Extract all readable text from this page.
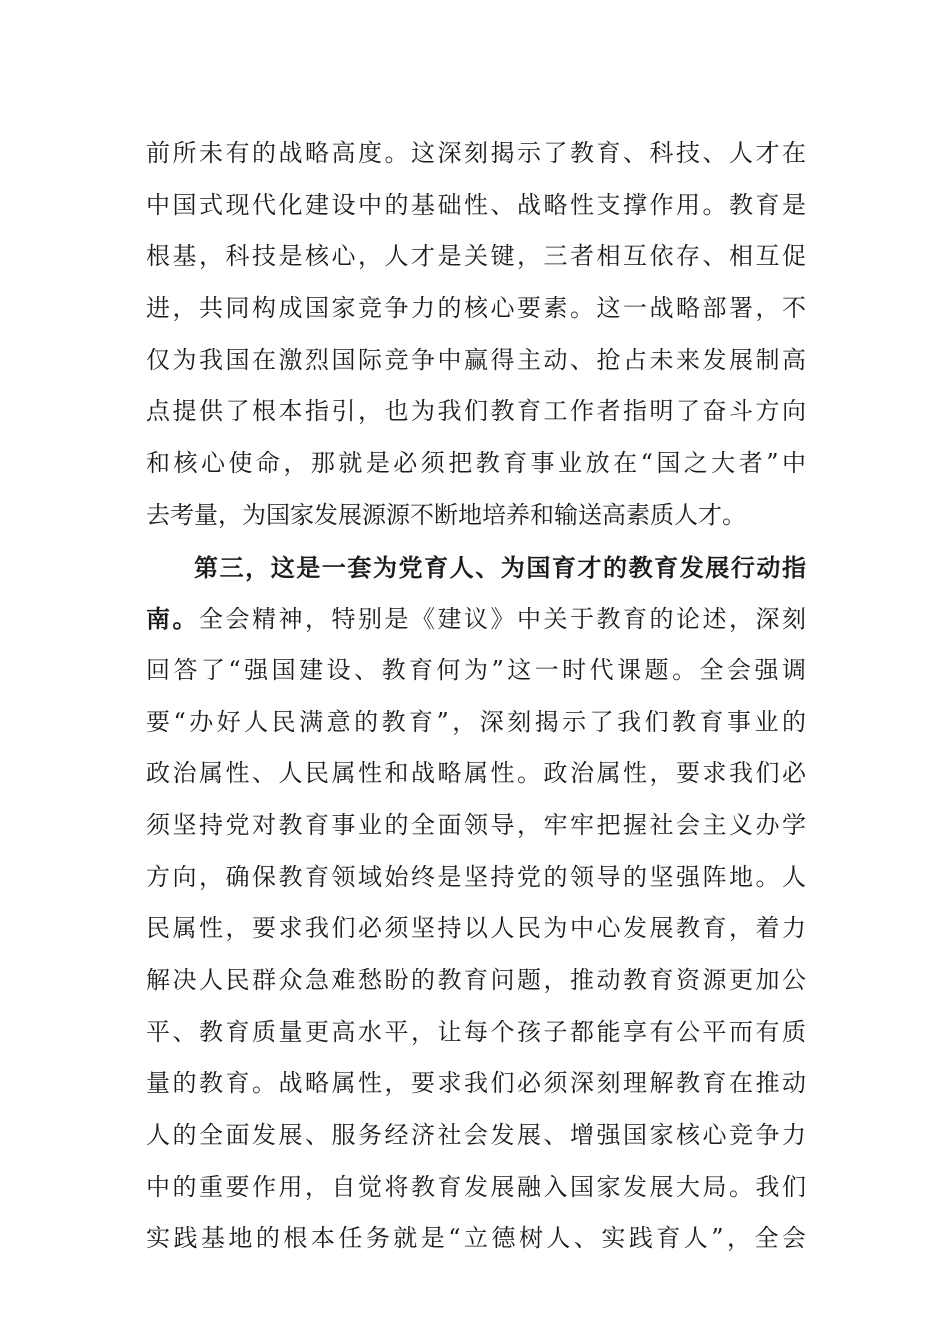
前所未有的战略高度。这深刻揭示了教育、科技、人才在
中国式现代化建设中的基础性、战略性支撑作用。教育是
根基，科技是核心，人才是关键，三者相互依存、相互促
进，共同构成国家竞争力的核心要素。这一战略部署，不
仅为我国在激烈国际竞争中赢得主动、抢占未来发展制高
点提供了根本指引，也为我们教育工作者指明了奋斗方向
和核心使命，那就是必须把教育事业放在“国之大者”中
去考量，为国家发展源源不断地培养和输送高素质人才。
第三，这是一套为党育人、为国育才的教育发展行动指
南。全会精神，特别是《建议》中关于教育的论述，深刻
回答了“强国建设、教育何为”这一时代课题。全会强调
要“办好人民满意的教育”，深刻揭示了我们教育事业的
政治属性、人民属性和战略属性。政治属性，要求我们必
须坚持党对教育事业的全面领导，牢牢把握社会主义办学
方向，确保教育领域始终是坚持党的领导的坚强阵地。人
民属性，要求我们必须坚持以人民为中心发展教育，着力
解决人民群众急难愁盼的教育问题，推动教育资源更加公
平、教育质量更高水平，让每个孩子都能享有公平而有质
量的教育。战略属性，要求我们必须深刻理解教育在推动
人的全面发展、服务经济社会发展、增强国家核心竞争力
中的重要作用，自觉将教育发展融入国家发展大局。我们
实践基地的根本任务就是“立德树人、实践育人”，全会
